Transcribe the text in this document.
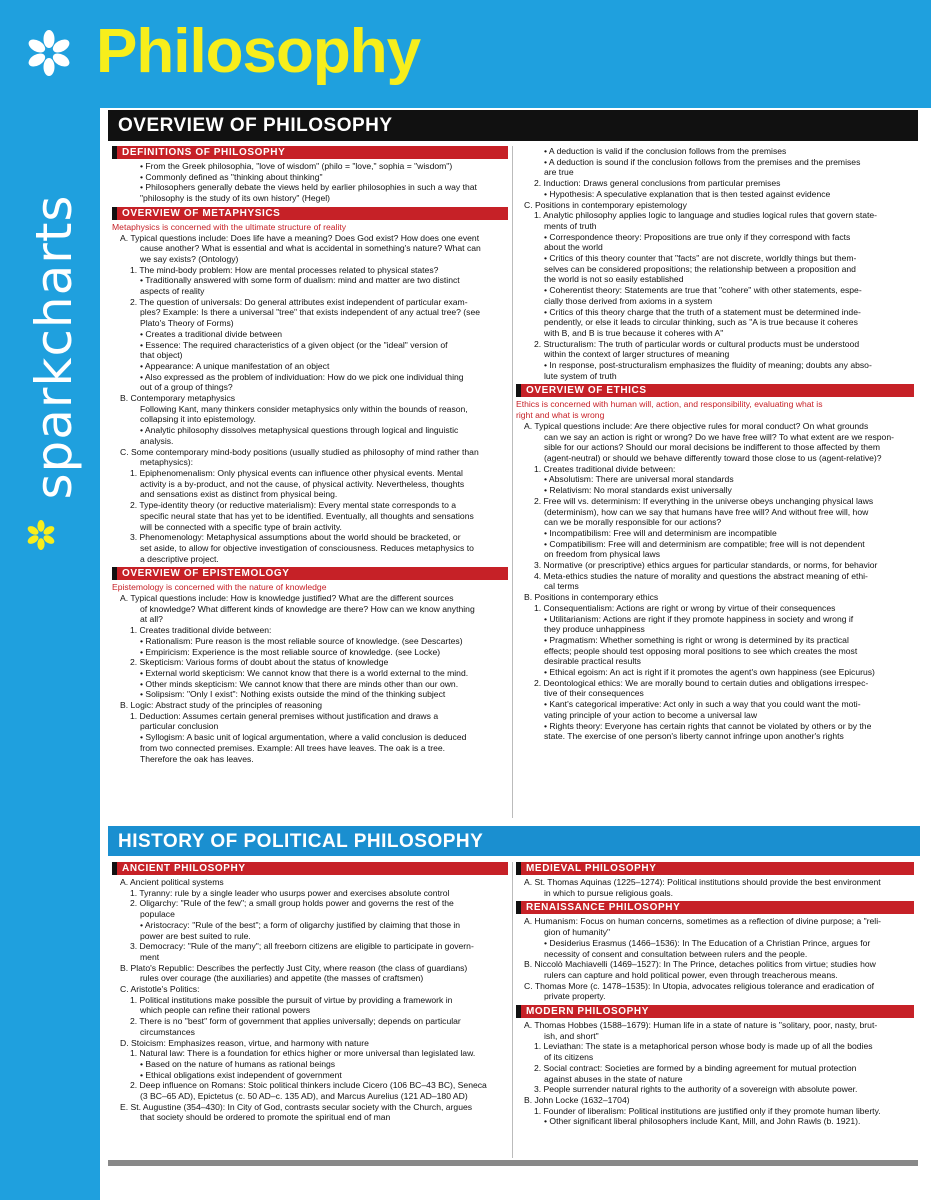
Philosophy
sparkcharts
OVERVIEW OF PHILOSOPHY
HISTORY OF POLITICAL PHILOSOPHY
DEFINITIONS OF PHILOSOPHY
• From the Greek philosophia, "love of wisdom" (philo = "love," sophia = "wisdom")
• Commonly defined as "thinking about thinking"
• Philosophers generally debate the views held by earlier philosophies in such a way that
"philosophy is the study of its own history" (Hegel)
OVERVIEW OF METAPHYSICS
Metaphysics is concerned with the ultimate structure of reality
A. Typical questions include: Does life have a meaning? Does God exist? How does one event
cause another? What is essential and what is accidental in something's nature? What can
we say exists? (Ontology)
1. The mind-body problem: How are mental processes related to physical states?
• Traditionally answered with some form of dualism: mind and matter are two distinct
aspects of reality
2. The question of universals: Do general attributes exist independent of particular exam-
ples? Example: Is there a universal "tree" that exists independent of any actual tree? (see
Plato's Theory of Forms)
• Creates a traditional divide between
• Essence: The required characteristics of a given object (or the "ideal" version of
that object)
• Appearance: A unique manifestation of an object
• Also expressed as the problem of individuation: How do we pick one individual thing
out of a group of things?
B. Contemporary metaphysics
Following Kant, many thinkers consider metaphysics only within the bounds of reason,
collapsing it into epistemology.
• Analytic philosophy dissolves metaphysical questions through logical and linguistic
analysis.
C. Some contemporary mind-body positions (usually studied as philosophy of mind rather than
metaphysics):
1. Epiphenomenalism: Only physical events can influence other physical events. Mental
activity is a by-product, and not the cause, of physical activity. Nevertheless, thoughts
and sensations exist as distinct from physical being.
2. Type-identity theory (or reductive materialism): Every mental state corresponds to a
specific neural state that has yet to be identified. Eventually, all thoughts and sensations
will be connected with a specific type of brain activity.
3. Phenomenology: Metaphysical assumptions about the world should be bracketed, or
set aside, to allow for objective investigation of consciousness. Reduces metaphysics to
a descriptive project.
OVERVIEW OF EPISTEMOLOGY
Epistemology is concerned with the nature of knowledge
A. Typical questions include: How is knowledge justified? What are the different sources
of knowledge? What different kinds of knowledge are there? How can we know anything
at all?
1. Creates traditional divide between:
• Rationalism: Pure reason is the most reliable source of knowledge. (see Descartes)
• Empiricism: Experience is the most reliable source of knowledge. (see Locke)
2. Skepticism: Various forms of doubt about the status of knowledge
• External world skepticism: We cannot know that there is a world external to the mind.
• Other minds skepticism: We cannot know that there are minds other than our own.
• Solipsism: "Only I exist": Nothing exists outside the mind of the thinking subject
B. Logic: Abstract study of the principles of reasoning
1. Deduction: Assumes certain general premises without justification and draws a
particular conclusion
• Syllogism: A basic unit of logical argumentation, where a valid conclusion is deduced
from two connected premises. Example: All trees have leaves. The oak is a tree.
Therefore the oak has leaves.
• A deduction is valid if the conclusion follows from the premises
• A deduction is sound if the conclusion follows from the premises and the premises
are true
2. Induction: Draws general conclusions from particular premises
• Hypothesis: A speculative explanation that is then tested against evidence
C. Positions in contemporary epistemology
1. Analytic philosophy applies logic to language and studies logical rules that govern state-
ments of truth
• Correspondence theory: Propositions are true only if they correspond with facts
about the world
• Critics of this theory counter that "facts" are not discrete, worldly things but them-
selves can be considered propositions; the relationship between a proposition and
the world is not so easily established
• Coherentist theory: Statements are true that "cohere" with other statements, espe-
cially those derived from axioms in a system
• Critics of this theory charge that the truth of a statement must be determined inde-
pendently, or else it leads to circular thinking, such as "A is true because it coheres
with B, and B is true because it coheres with A"
2. Structuralism: The truth of particular words or cultural products must be understood
within the context of larger structures of meaning
• In response, post-structuralism emphasizes the fluidity of meaning; doubts any abso-
lute system of truth
OVERVIEW OF ETHICS
Ethics is concerned with human will, action, and responsibility, evaluating what is
right and what is wrong
A. Typical questions include: Are there objective rules for moral conduct? On what grounds
can we say an action is right or wrong? Do we have free will? To what extent are we respon-
sible for our actions? Should our moral decisions be indifferent to those affected by them
(agent-neutral) or should we behave differently toward those close to us (agent-relative)?
1. Creates traditional divide between:
• Absolutism: There are universal moral standards
• Relativism: No moral standards exist universally
2. Free will vs. determinism: If everything in the universe obeys unchanging physical laws
(determinism), how can we say that humans have free will? And without free will, how
can we be morally responsible for our actions?
• Incompatibilism: Free will and determinism are incompatible
• Compatibilism: Free will and determinism are compatible; free will is not dependent
on freedom from physical laws
3. Normative (or prescriptive) ethics argues for particular standards, or norms, for behavior
4. Meta-ethics studies the nature of morality and questions the abstract meaning of ethi-
cal terms
B. Positions in contemporary ethics
1. Consequentialism: Actions are right or wrong by virtue of their consequences
• Utilitarianism: Actions are right if they promote happiness in society and wrong if
they produce unhappiness
• Pragmatism: Whether something is right or wrong is determined by its practical
effects; people should test opposing moral positions to see which creates the most
desirable practical results
• Ethical egoism: An act is right if it promotes the agent's own happiness (see Epicurus)
2. Deontological ethics: We are morally bound to certain duties and obligations irrespec-
tive of their consequences
• Kant's categorical imperative: Act only in such a way that you could want the moti-
vating principle of your action to become a universal law
• Rights theory: Everyone has certain rights that cannot be violated by others or by the
state. The exercise of one person's liberty cannot infringe upon another's rights
ANCIENT PHILOSOPHY
A. Ancient political systems
1. Tyranny: rule by a single leader who usurps power and exercises absolute control
2. Oligarchy: "Rule of the few"; a small group holds power and governs the rest of the
populace
• Aristocracy: "Rule of the best"; a form of oligarchy justified by claiming that those in
power are best suited to rule.
3. Democracy: "Rule of the many"; all freeborn citizens are eligible to participate in govern-
ment
B. Plato's Republic: Describes the perfectly Just City, where reason (the class of guardians)
rules over courage (the auxiliaries) and appetite (the masses of craftsmen)
C. Aristotle's Politics:
1. Political institutions make possible the pursuit of virtue by providing a framework in
which people can refine their rational powers
2. There is no "best" form of government that applies universally; depends on particular
circumstances
D. Stoicism: Emphasizes reason, virtue, and harmony with nature
1. Natural law: There is a foundation for ethics higher or more universal than legislated law.
• Based on the nature of humans as rational beings
• Ethical obligations exist independent of government
2. Deep influence on Romans: Stoic political thinkers include Cicero (106 BC–43 BC), Seneca
(3 BC–65 AD), Epictetus (c. 50 AD–c. 135 AD), and Marcus Aurelius (121 AD–180 AD)
E. St. Augustine (354–430): In City of God, contrasts secular society with the Church, argues
that society should be ordered to promote the spiritual end of man
MEDIEVAL PHILOSOPHY
A. St. Thomas Aquinas (1225–1274): Political institutions should provide the best environment
in which to pursue religious goals.
RENAISSANCE PHILOSOPHY
A. Humanism: Focus on human concerns, sometimes as a reflection of divine purpose; a "reli-
gion of humanity"
• Desiderius Erasmus (1466–1536): In The Education of a Christian Prince, argues for
necessity of consent and consultation between rulers and the people.
B. Niccolò Machiavelli (1469–1527): In The Prince, detaches politics from virtue; studies how
rulers can capture and hold political power, even through treacherous means.
C. Thomas More (c. 1478–1535): In Utopia, advocates religious tolerance and eradication of
private property.
MODERN PHILOSOPHY
A. Thomas Hobbes (1588–1679): Human life in a state of nature is "solitary, poor, nasty, brut-
ish, and short"
1. Leviathan: The state is a metaphorical person whose body is made up of all the bodies
of its citizens
2. Social contract: Societies are formed by a binding agreement for mutual protection
against abuses in the state of nature
3. People surrender natural rights to the authority of a sovereign with absolute power.
B. John Locke (1632–1704)
1. Founder of liberalism: Political institutions are justified only if they promote human liberty.
• Other significant liberal philosophers include Kant, Mill, and John Rawls (b. 1921).
